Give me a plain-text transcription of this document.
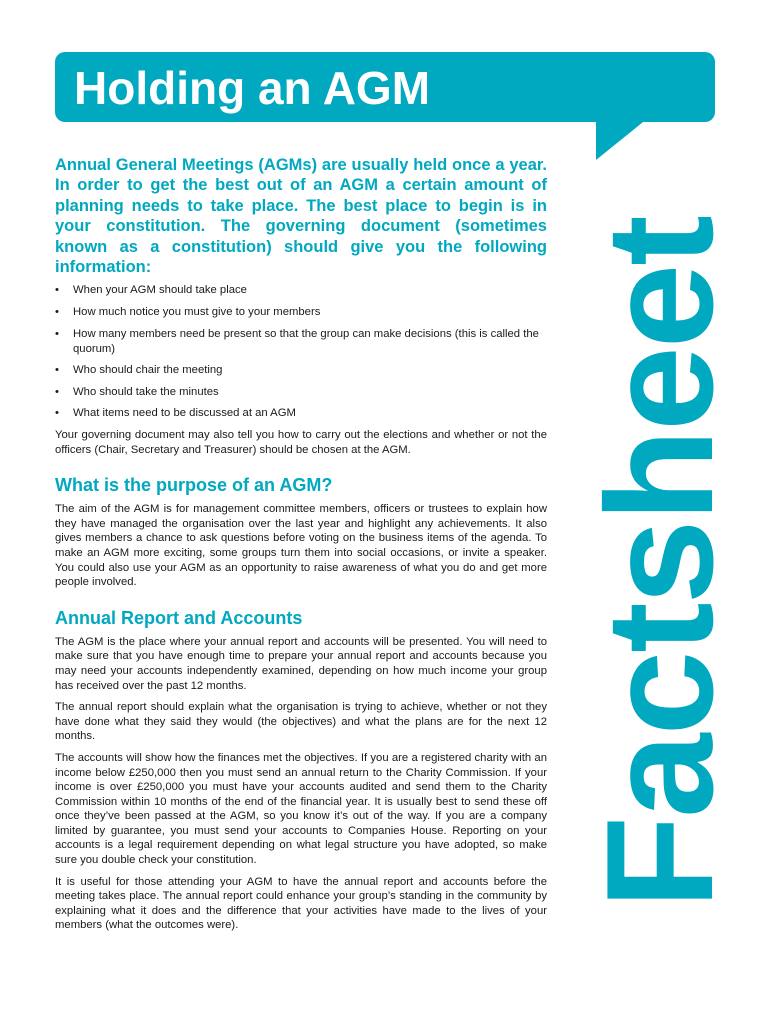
Holding an AGM
Factsheet

Annual General Meetings (AGMs) are usually held once a year. In order to get the best out of an AGM a certain amount of planning needs to take place. The best place to begin is in your constitution. The governing document (sometimes known as a constitution) should give you the following information:

• When your AGM should take place
• How much notice you must give to your members
• How many members need be present so that the group can make decisions (this is called the quorum)
• Who should chair the meeting
• Who should take the minutes
• What items need to be discussed at an AGM

Your governing document may also tell you how to carry out the elections and whether or not the officers (Chair, Secretary and Treasurer) should be chosen at the AGM.

What is the purpose of an AGM?

The aim of the AGM is for management committee members, officers or trustees to explain how they have managed the organisation over the last year and highlight any achievements. It also gives members a chance to ask questions before voting on the business items of the agenda. To make an AGM more exciting, some groups turn them into social occasions, or invite a speaker. You could also use your AGM as an opportunity to raise awareness of what you do and get more people involved.

Annual Report and Accounts

The AGM is the place where your annual report and accounts will be presented. You will need to make sure that you have enough time to prepare your annual report and accounts because you may need your accounts independently examined, depending on how much income your group has received over the past 12 months.

The annual report should explain what the organisation is trying to achieve, whether or not they have done what they said they would (the objectives) and what the plans are for the next 12 months.

The accounts will show how the finances met the objectives. If you are a registered charity with an income below £250,000 then you must send an annual return to the Charity Commission. If your income is over £250,000 you must have your accounts audited and send them to the Charity Commission within 10 months of the end of the financial year. It is usually best to send these off once they’ve been passed at the AGM, so you know it’s out of the way. If you are a company limited by guarantee, you must send your accounts to Companies House. Reporting on your accounts is a legal requirement depending on what legal structure you have adopted, so make sure you double check your constitution.

It is useful for those attending your AGM to have the annual report and accounts before the meeting takes place. The annual report could enhance your group’s standing in the community by explaining what it does and the difference that your activities have made to the lives of your members (what the outcomes were).
